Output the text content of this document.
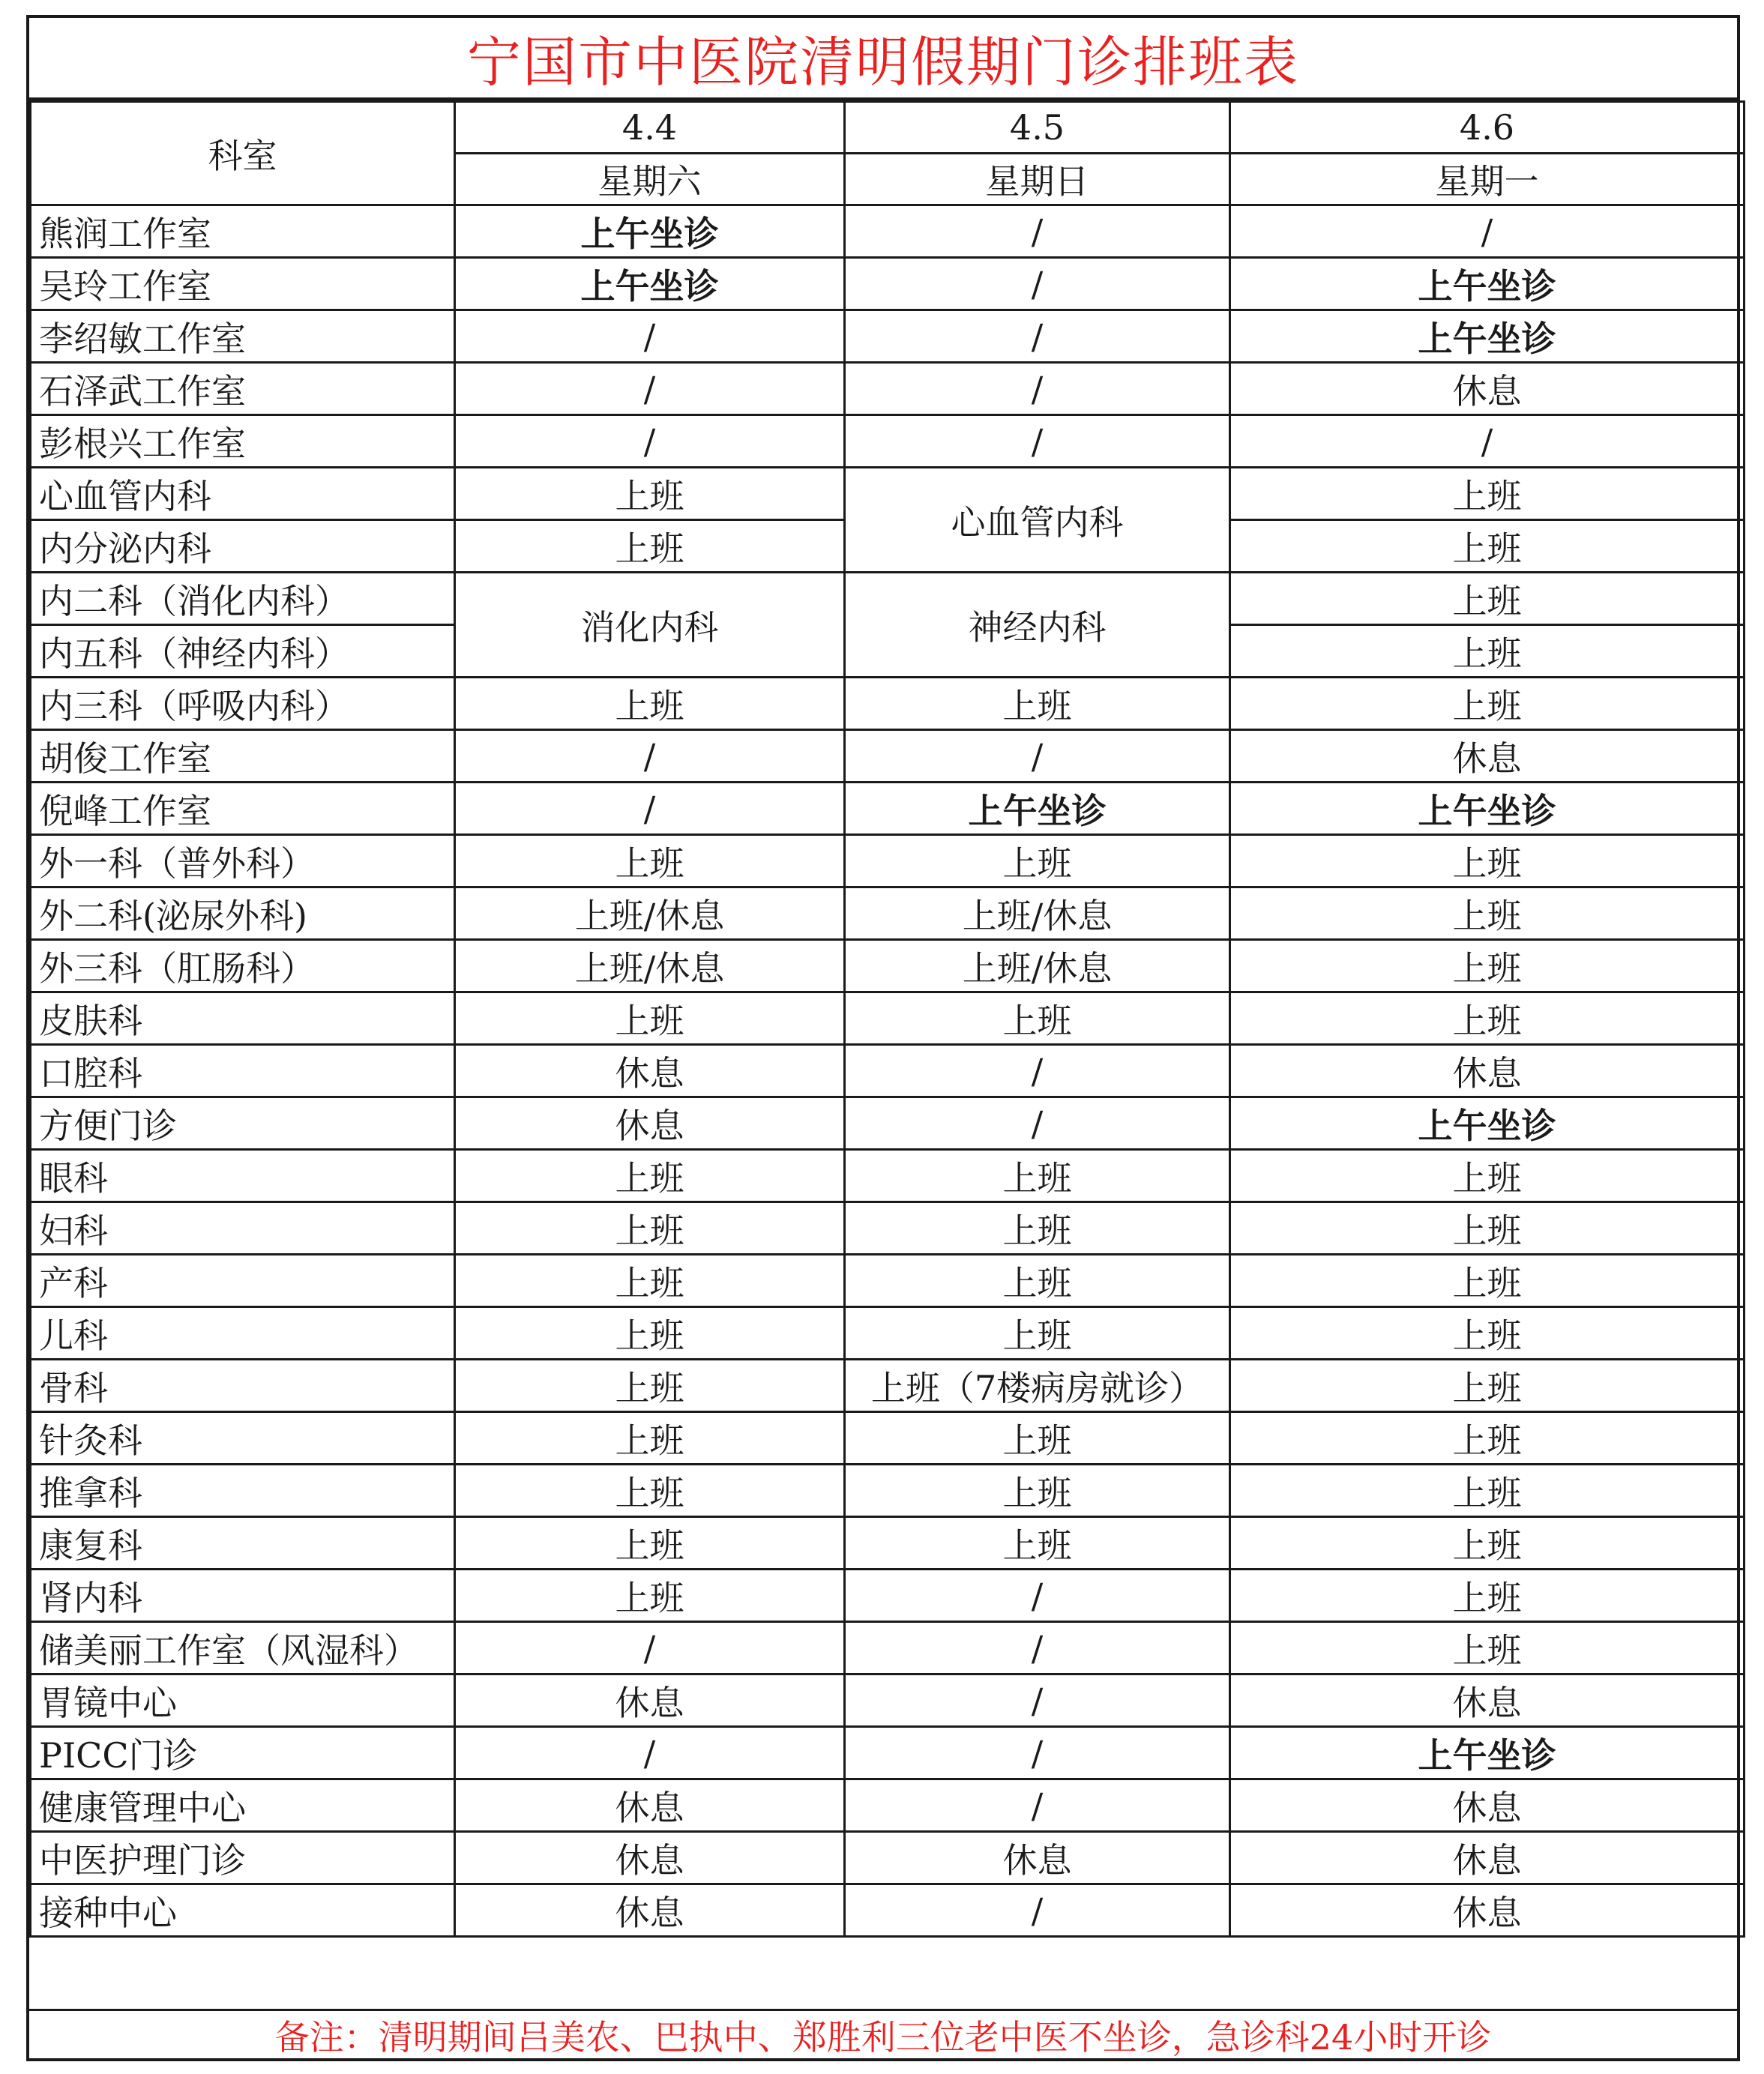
宁国市中医院清明假期门诊排班表
科室	4.4	4.5	4.6
	星期六	星期日	星期一
熊润工作室	上午坐诊	/	/
吴玲工作室	上午坐诊	/	上午坐诊
李绍敏工作室	/	/	上午坐诊
石泽武工作室	/	/	休息
彭根兴工作室	/	/	/
心血管内科	上班	心血管内科	上班
内分泌内科	上班		上班
内二科（消化内科）	消化内科	神经内科	上班
内五科（神经内科）			上班
内三科（呼吸内科）	上班	上班	上班
胡俊工作室	/	/	休息
倪峰工作室	/	上午坐诊	上午坐诊
外一科（普外科）	上班	上班	上班
外二科(泌尿外科)	上班/休息	上班/休息	上班
外三科（肛肠科）	上班/休息	上班/休息	上班
皮肤科	上班	上班	上班
口腔科	休息	/	休息
方便门诊	休息	/	上午坐诊
眼科	上班	上班	上班
妇科	上班	上班	上班
产科	上班	上班	上班
儿科	上班	上班	上班
骨科	上班	上班（7楼病房就诊）	上班
针灸科	上班	上班	上班
推拿科	上班	上班	上班
康复科	上班	上班	上班
肾内科	上班	/	上班
储美丽工作室（风湿科）	/	/	上班
胃镜中心	休息	/	休息
PICC门诊	/	/	上午坐诊
健康管理中心	休息	/	休息
中医护理门诊	休息	休息	休息
接种中心	休息	/	休息
备注：清明期间吕美农、巴执中、郑胜利三位老中医不坐诊，急诊科24小时开诊
